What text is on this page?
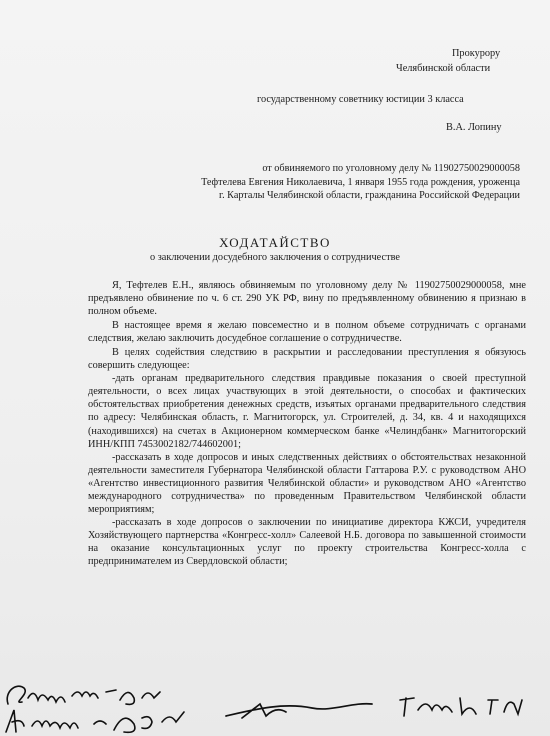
Прокурору
Челябинской области
государственному советнику юстиции 3 класса
В.А. Лопину

от обвиняемого по уголовному делу № 11902750029000058

Тефтелева Евгения Николаевича, 1 января 1955 года рождения, уроженца

г. Карталы Челябинской области, гражданина Российской Федерации

ХОДАТАЙСТВО
о заключении досудебного заключения о сотрудничестве

Я, Тефтелев Е.Н., являюсь обвиняемым по уголовному делу № 11902750029000058, мне предъявлено обвинение по ч. 6 ст. 290 УК РФ, вину по предъявленному обвинению я признаю в полном объеме.

В настоящее время я желаю повсеместно и в полном объеме сотрудничать с органами следствия, желаю заключить досудебное соглашение о сотрудничестве.

В целях содействия следствию в раскрытии и расследовании преступления я обязуюсь совершить следующее:

-дать органам предварительного следствия правдивые показания о своей преступной деятельности, о всех лицах участвующих в этой деятельности, о способах и фактических обстоятельствах приобретения денежных средств, изъятых органами предварительного следствия по адресу: Челябинская область, г. Магнитогорск, ул. Строителей, д. 34, кв. 4 и находящихся (находившихся) на счетах в Акционерном коммерческом банке «Челиндбанк» Магнитогорский ИНН/КПП 7453002182/744602001;

-рассказать в ходе допросов и иных следственных действиях о обстоятельствах незаконной деятельности заместителя Губернатора Челябинской области Гаттарова Р.У. с руководством АНО «Агентство инвестиционного развития Челябинской области» и руководством АНО «Агентство международного сотрудничества» по проведенным Правительством Челябинской области мероприятиям;

-рассказать в ходе допросов о заключении по инициативе директора КЖСИ, учредителя Хозяйствующего партнерства «Конгресс-холл» Салеевой Н.Б. договора по завышенной стоимости на оказание консультационных услуг по проекту строительства Конгресс-холла с предпринимателем из Свердловской области;
